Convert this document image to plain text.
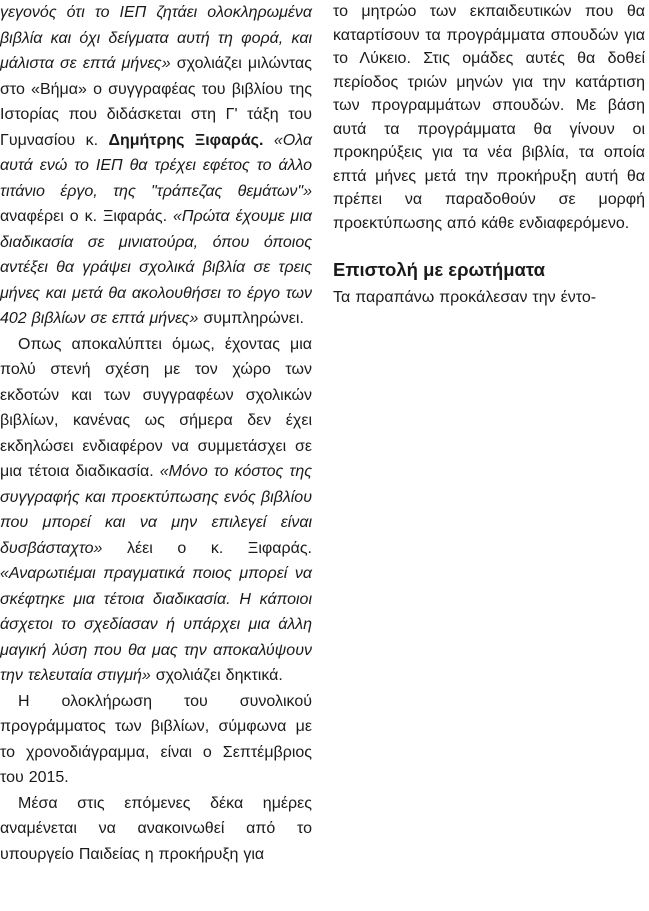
γεγονός ότι το ΙΕΠ ζητάει ολοκληρωμένα βιβλία και όχι δείγματα αυτή τη φορά, και μάλιστα σε επτά μήνες» σχολιάζει μιλώντας στο «Βήμα» ο συγγραφέας του βιβλίου της Ιστορίας που διδάσκεται στη Γ' τάξη του Γυμνασίου κ. Δημήτρης Ξιφαράς. «Ολα αυτά ενώ το ΙΕΠ θα τρέχει εφέτος το άλλο τιτάνιο έργο, της "τράπεζας θεμάτων"» αναφέρει ο κ. Ξιφαράς. «Πρώτα έχουμε μια διαδικασία σε μινιατούρα, όπου όποιος αντέξει θα γράψει σχολικά βιβλία σε τρεις μήνες και μετά θα ακολουθήσει το έργο των 402 βιβλίων σε επτά μήνες» συμπληρώνει.

Οπως αποκαλύπτει όμως, έχοντας μια πολύ στενή σχέση με τον χώρο των εκδοτών και των συγγραφέων σχολικών βιβλίων, κανένας ως σήμερα δεν έχει εκδηλώσει ενδιαφέρον να συμμετάσχει σε μια τέτοια διαδικασία. «Μόνο το κόστος της συγγραφής και προεκτύπωσης ενός βιβλίου που μπορεί και να μην επιλεγεί είναι δυσβάσταχτο» λέει ο κ. Ξιφαράς. «Αναρωτιέμαι πραγματικά ποιος μπορεί να σκέφτηκε μια τέτοια διαδικασία. Η κάποιοι άσχετοι το σχεδίασαν ή υπάρχει μια άλλη μαγική λύση που θα μας την αποκαλύψουν την τελευταία στιγμή» σχολιάζει δηκτικά.

Η ολοκλήρωση του συνολικού προγράμματος των βιβλίων, σύμφωνα με το χρονοδιάγραμμα, είναι ο Σεπτέμβριος του 2015.

Μέσα στις επόμενες δέκα ημέρες αναμένεται να ανακοινωθεί από το υπουργείο Παιδείας η προκήρυξη για

το μητρώο των εκπαιδευτικών που θα καταρτίσουν τα προγράμματα σπουδών για το Λύκειο. Στις ομάδες αυτές θα δοθεί περίοδος τριών μηνών για την κατάρτιση των προγραμμάτων σπουδών. Με βάση αυτά τα προγράμματα θα γίνουν οι προκηρύξεις για τα νέα βιβλία, τα οποία επτά μήνες μετά την προκήρυξη αυτή θα πρέπει να παραδοθούν σε μορφή προεκτύπωσης από κάθε ενδιαφερόμενο.

Επιστολή με ερωτήματα

Τα παραπάνω προκάλεσαν την έντο-
